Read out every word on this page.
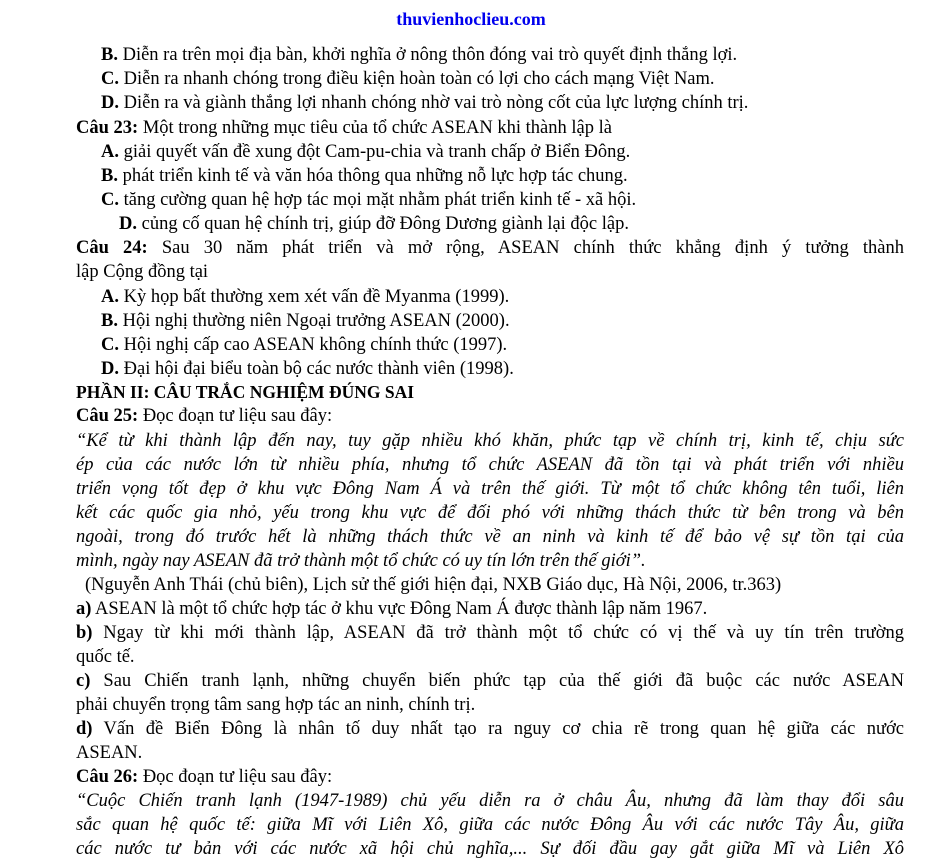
thuvienhoclieu.com
B. Diễn ra trên mọi địa bàn, khởi nghĩa ở nông thôn đóng vai trò quyết định thắng lợi.
C. Diễn ra nhanh chóng trong điều kiện hoàn toàn có lợi cho cách mạng Việt Nam.
D. Diễn ra và giành thắng lợi nhanh chóng nhờ vai trò nòng cốt của lực lượng chính trị.
Câu 23: Một trong những mục tiêu của tổ chức ASEAN khi thành lập là
A. giải quyết vấn đề xung đột Cam-pu-chia và tranh chấp ở Biển Đông.
B. phát triển kinh tế và văn hóa thông qua những nỗ lực hợp tác chung.
C. tăng cường quan hệ hợp tác mọi mặt nhằm phát triển kinh tế - xã hội.
D. củng cố quan hệ chính trị, giúp đỡ Đông Dương giành lại độc lập.
Câu 24: Sau 30 năm phát triển và mở rộng, ASEAN chính thức khẳng định ý tưởng thành
lập Cộng đồng tại
A. Kỳ họp bất thường xem xét vấn đề Myanma (1999).
B. Hội nghị thường niên Ngoại trưởng ASEAN (2000).
C. Hội nghị cấp cao ASEAN không chính thức (1997).
D. Đại hội đại biểu toàn bộ các nước thành viên (1998).
PHẦN II: CÂU TRẮC NGHIỆM ĐÚNG SAI
Câu 25: Đọc đoạn tư liệu sau đây:
“Kể từ khi thành lập đến nay, tuy gặp nhiều khó khăn, phức tạp về chính trị, kinh tế, chịu sức
ép của các nước lớn từ nhiều phía, nhưng tổ chức ASEAN đã tồn tại và phát triển với nhiều
triển vọng tốt đẹp ở khu vực Đông Nam Á và trên thế giới. Từ một tổ chức không tên tuổi, liên
kết các quốc gia nhỏ, yếu trong khu vực để đối phó với những thách thức từ bên trong và bên
ngoài, trong đó trước hết là những thách thức về an ninh và kinh tế để bảo vệ sự tồn tại của
mình, ngày nay ASEAN đã trở thành một tổ chức có uy tín lớn trên thế giới”.
(Nguyễn Anh Thái (chủ biên), Lịch sử thế giới hiện đại, NXB Giáo dục, Hà Nội, 2006, tr.363)
a) ASEAN là một tổ chức hợp tác ở khu vực Đông Nam Á được thành lập năm 1967.
b) Ngay từ khi mới thành lập, ASEAN đã trở thành một tổ chức có vị thế và uy tín trên trường
quốc tế.
c) Sau Chiến tranh lạnh, những chuyển biến phức tạp của thế giới đã buộc các nước ASEAN
phải chuyển trọng tâm sang hợp tác an ninh, chính trị.
d) Vấn đề Biển Đông là nhân tố duy nhất tạo ra nguy cơ chia rẽ trong quan hệ giữa các nước
ASEAN.
Câu 26: Đọc đoạn tư liệu sau đây:
“Cuộc Chiến tranh lạnh (1947-1989) chủ yếu diễn ra ở châu Âu, nhưng đã làm thay đổi sâu
sắc quan hệ quốc tế: giữa Mĩ với Liên Xô, giữa các nước Đông Âu với các nước Tây Âu, giữa
các nước tư bản với các nước xã hội chủ nghĩa,... Sự đối đầu gay gắt giữa Mĩ và Liên Xô
